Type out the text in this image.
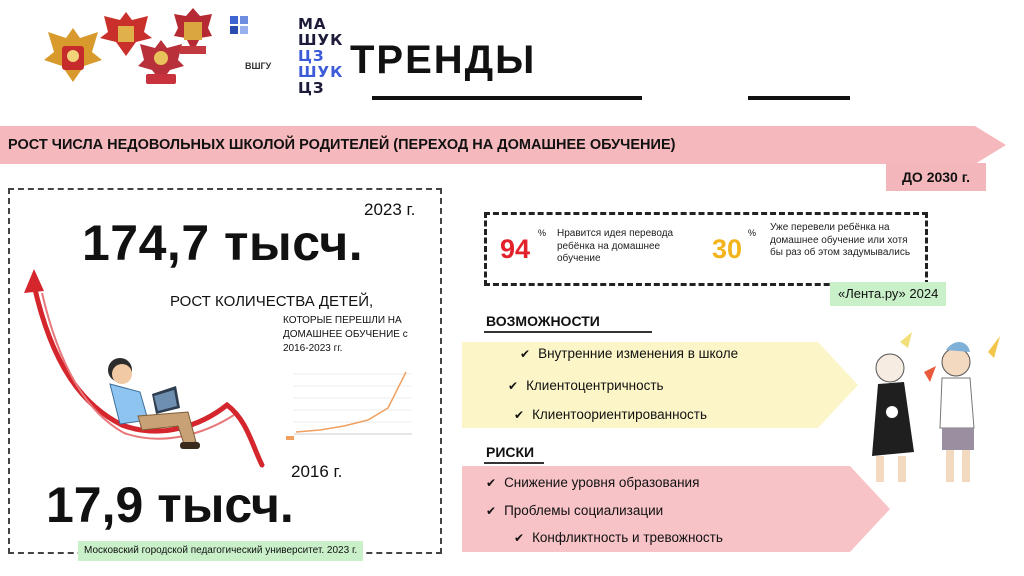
ВШГУ
МА
ШУК
ЦЗ
ШУК
ЦЗ
ТРЕНДЫ
РОСТ ЧИСЛА НЕДОВОЛЬНЫХ ШКОЛОЙ РОДИТЕЛЕЙ (ПЕРЕХОД НА ДОМАШНЕЕ ОБУЧЕНИЕ)
ДО 2030 г.
2023 г.
174,7 тысч.
РОСТ КОЛИЧЕСТВА ДЕТЕЙ,
КОТОРЫЕ ПЕРЕШЛИ НА ДОМАШНЕЕ ОБУЧЕНИЕ с 2016-2023 гг.
2016 г.
17,9 тысч.
Московский городской педагогический университет. 2023 г.
94
% Нравится идея перевода ребёнка на домашнее обучение	30
% Уже перевели ребёнка на домашнее обучение или хотя бы раз об этом задумывались
«Лента.ру» 2024
ВОЗМОЖНОСТИ
✔ Внутренние изменения в школе
✔ Клиентоцентричность
✔ Клиентоориентированность
РИСКИ
✔ Снижение уровня образования
✔ Проблемы социализации
✔ Конфликтность и тревожность
